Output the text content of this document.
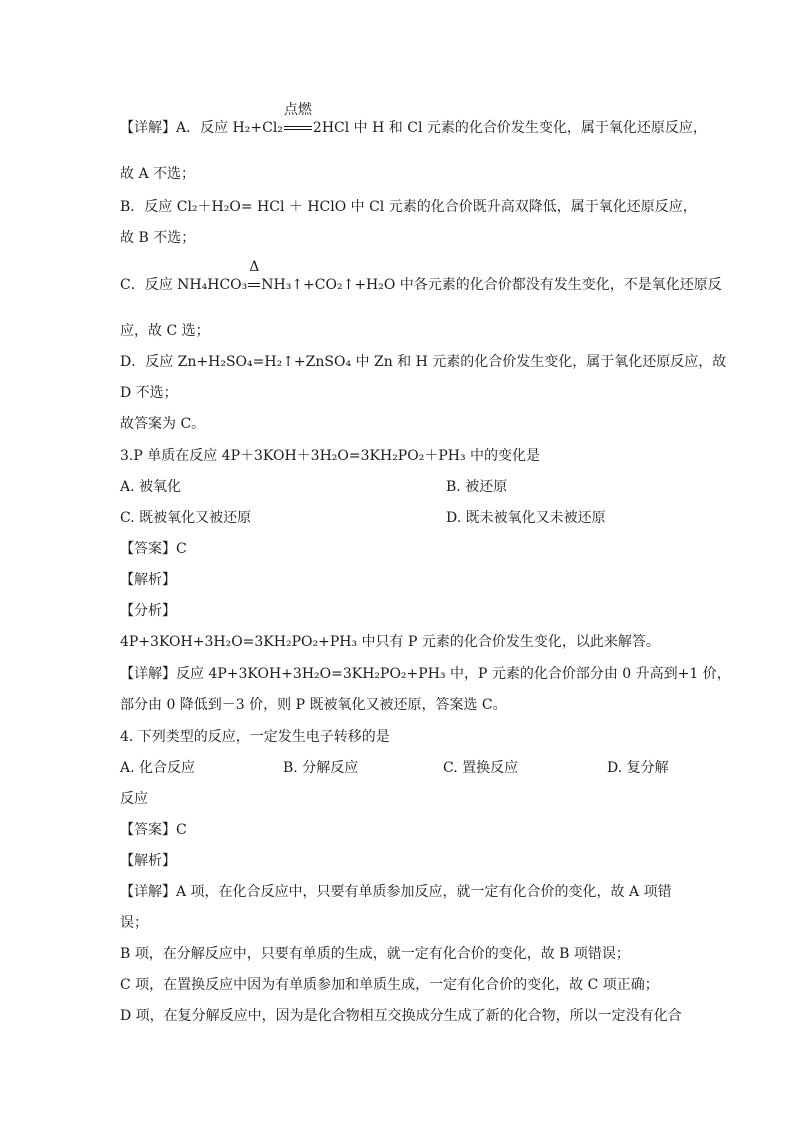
【详解】A．反应 H₂+Cl₂
点燃
2HCl 中 H 和 Cl 元素的化合价发生变化，属于氧化还原反应，
故 A 不选；
B．反应 Cl₂＋H₂O= HCl ＋ HClO 中 Cl 元素的化合价既升高双降低，属于氧化还原反应，
故 B 不选；
C．反应 NH₄HCO₃
Δ
NH₃↑+CO₂↑+H₂O 中各元素的化合价都没有发生变化，不是氧化还原反
应，故 C 选；
D．反应 Zn+H₂SO₄=H₂↑+ZnSO₄ 中 Zn 和 H 元素的化合价发生变化，属于氧化还原反应，故
D 不选；
故答案为 C。
3.P 单质在反应 4P＋3KOH＋3H₂O=3KH₂PO₂＋PH₃ 中的变化是
A. 被氧化	B. 被还原
C. 既被氧化又被还原	D. 既未被氧化又未被还原
【答案】C
【解析】
【分析】
4P+3KOH+3H₂O=3KH₂PO₂+PH₃ 中只有 P 元素的化合价发生变化，以此来解答。
【详解】反应 4P+3KOH+3H₂O=3KH₂PO₂+PH₃ 中，P 元素的化合价部分由 0 升高到+1 价，
部分由 0 降低到－3 价，则 P 既被氧化又被还原，答案选 C。
4. 下列类型的反应，一定发生电子转移的是
A. 化合反应	B. 分解反应	C. 置换反应	D. 复分解
反应
【答案】C
【解析】
【详解】A 项，在化合反应中，只要有单质参加反应，就一定有化合价的变化，故 A 项错
误；
B 项，在分解反应中，只要有单质的生成，就一定有化合价的变化，故 B 项错误；
C 项，在置换反应中因为有单质参加和单质生成，一定有化合价的变化，故 C 项正确；
D 项，在复分解反应中，因为是化合物相互交换成分生成了新的化合物，所以一定没有化合
